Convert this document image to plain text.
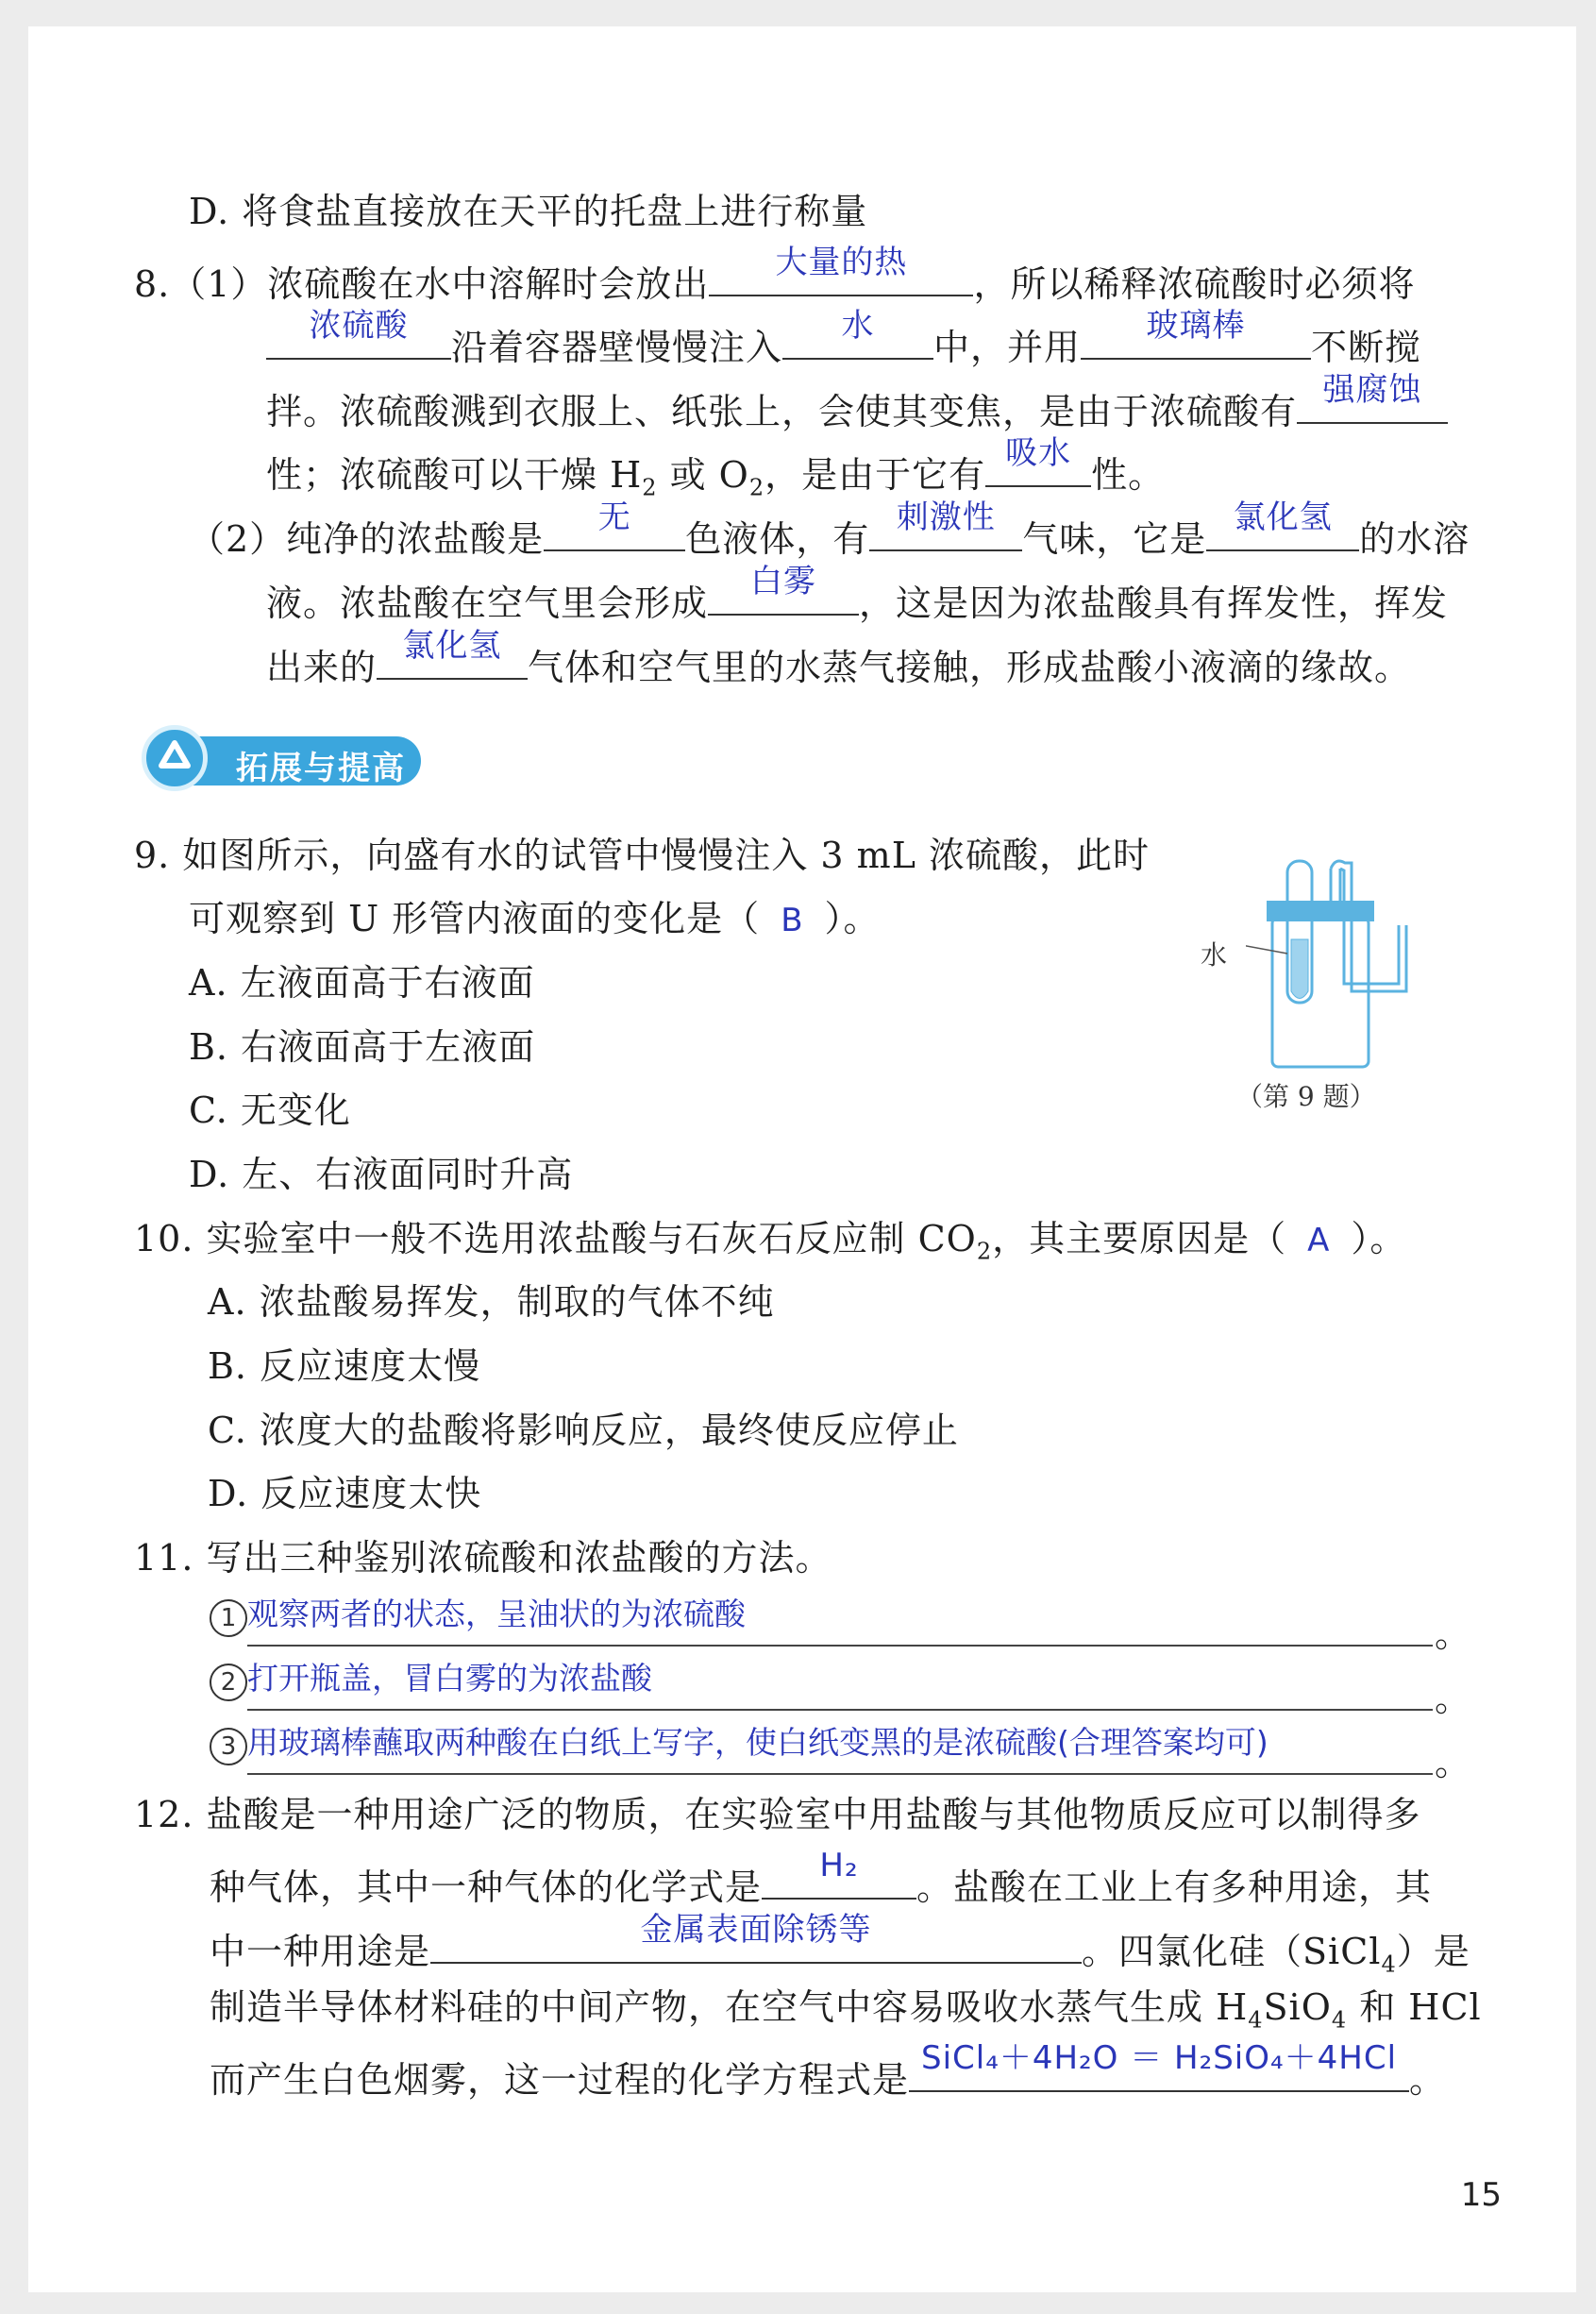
D. 将食盐直接放在天平的托盘上进行称量
8.（1）浓硫酸在水中溶解时会放出
大量的热
，所以稀释浓硫酸时必须将
浓硫酸
沿着容器壁慢慢注入
水
中，并用
玻璃棒
不断搅
拌。浓硫酸溅到衣服上、纸张上，会使其变焦，是由于浓硫酸有
强腐蚀
性；浓硫酸可以干燥 $H_2$ 或 $O_2$，是由于它有
吸水
性。
（2）纯净的浓盐酸是
无
色液体，有
刺激性
气味，它是
氯化氢
的水溶
液。浓盐酸在空气里会形成
白雾
，这是因为浓盐酸具有挥发性，挥发
出来的
氯化氢
气体和空气里的水蒸气接触，形成盐酸小液滴的缘故。
拓展与提高
9. 如图所示，向盛有水的试管中慢慢注入 3 mL 浓硫酸，此时
可观察到 U 形管内液面的变化是（ B ）。
A. 左液面高于右液面
B. 右液面高于左液面
C. 无变化
D. 左、右液面同时升高
水
（第 9 题）
10. 实验室中一般不选用浓盐酸与石灰石反应制 $CO_2$，其主要原因是（ A ）。
A. 浓盐酸易挥发，制取的气体不纯
B. 反应速度太慢
C. 浓度大的盐酸将影响反应，最终使反应停止
D. 反应速度太快
11. 写出三种鉴别浓硫酸和浓盐酸的方法。
1 观察两者的状态，呈油状的为浓硫酸	。
2 打开瓶盖，冒白雾的为浓盐酸	。
3 用玻璃棒蘸取两种酸在白纸上写字，使白纸变黑的是浓硫酸(合理答案均可)	。
12. 盐酸是一种用途广泛的物质，在实验室中用盐酸与其他物质反应可以制得多
种气体，其中一种气体的化学式是
H₂
。盐酸在工业上有多种用途，其
中一种用途是
金属表面除锈等
。四氯化硅（SiCl$_4$）是
制造半导体材料硅的中间产物，在空气中容易吸收水蒸气生成 $H_4SiO_4$ 和 HCl
而产生白色烟雾，这一过程的化学方程式是
SiCl₄＋4H₂O ＝ H₂SiO₄＋4HCl
。
15
